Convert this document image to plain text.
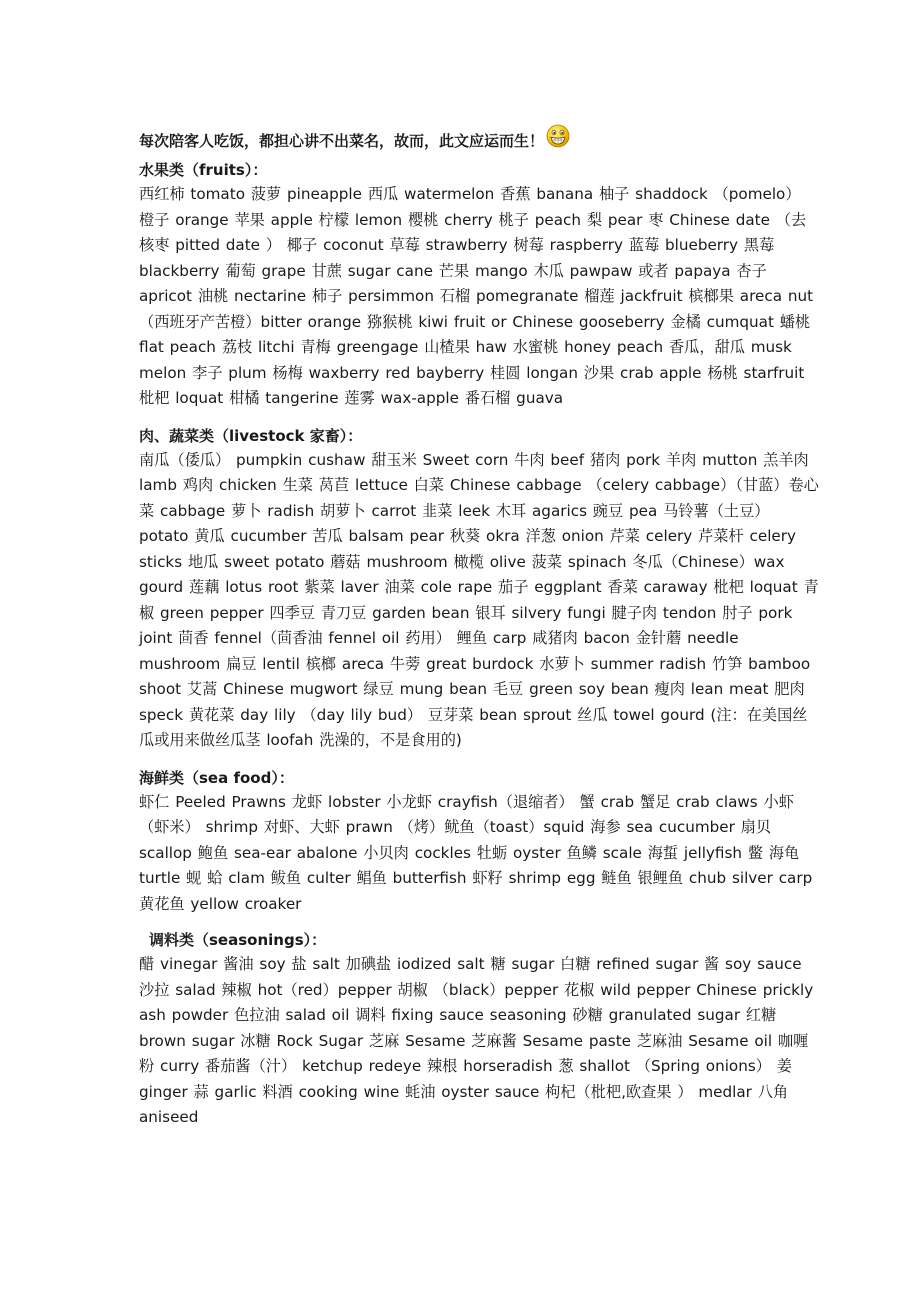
每次陪客人吃饭，都担心讲不出菜名，故而，此文应运而生！

水果类（fruits）：

西红柿 tomato 菠萝 pineapple 西瓜 watermelon 香蕉 banana 柚子 shaddock （pomelo） 橙子 orange 苹果 apple 柠檬 lemon 樱桃 cherry 桃子 peach 梨 pear 枣 Chinese date （去核枣 pitted date ） 椰子 coconut 草莓 strawberry 树莓 raspberry 蓝莓 blueberry 黑莓 blackberry 葡萄 grape 甘蔗 sugar cane 芒果 mango 木瓜 pawpaw 或者 papaya 杏子 apricot 油桃 nectarine 柿子 persimmon 石榴 pomegranate 榴莲 jackfruit 槟榔果 areca nut （西班牙产苦橙）bitter orange 猕猴桃 kiwi fruit or Chinese gooseberry 金橘 cumquat 蟠桃 flat peach 荔枝 litchi 青梅 greengage 山楂果 haw 水蜜桃 honey peach 香瓜，甜瓜 musk melon 李子 plum 杨梅 waxberry red bayberry 桂圆 longan 沙果 crab apple 杨桃 starfruit 枇杷 loquat 柑橘 tangerine 莲雾 wax-apple 番石榴 guava

肉、蔬菜类（livestock 家畜）：

南瓜（倭瓜） pumpkin cushaw 甜玉米 Sweet corn 牛肉 beef 猪肉 pork 羊肉 mutton 羔羊肉 lamb 鸡肉 chicken 生菜 莴苣 lettuce 白菜 Chinese cabbage （celery cabbage）（甘蓝）卷心菜 cabbage 萝卜 radish 胡萝卜 carrot 韭菜 leek 木耳 agarics 豌豆 pea 马铃薯（土豆） potato 黄瓜 cucumber 苦瓜 balsam pear 秋葵 okra 洋葱 onion 芹菜 celery 芹菜杆 celery sticks 地瓜 sweet potato 蘑菇 mushroom 橄榄 olive 菠菜 spinach 冬瓜（Chinese）wax gourd 莲藕 lotus root 紫菜 laver 油菜 cole rape 茄子 eggplant 香菜 caraway 枇杷 loquat 青椒 green pepper 四季豆 青刀豆 garden bean 银耳 silvery fungi 腱子肉 tendon 肘子 pork joint 茴香 fennel（茴香油 fennel oil 药用） 鲤鱼 carp 咸猪肉 bacon 金针蘑 needle mushroom 扁豆 lentil 槟榔 areca 牛蒡 great burdock 水萝卜 summer radish 竹笋 bamboo shoot 艾蒿 Chinese mugwort 绿豆 mung bean 毛豆 green soy bean 瘦肉 lean meat 肥肉 speck 黄花菜 day lily （day lily bud） 豆芽菜 bean sprout 丝瓜 towel gourd (注：在美国丝瓜或用来做丝瓜茎 loofah 洗澡的，不是食用的)

海鲜类（sea food）：

虾仁 Peeled Prawns 龙虾 lobster 小龙虾 crayfish（退缩者） 蟹 crab 蟹足 crab claws 小虾（虾米） shrimp 对虾、大虾 prawn （烤）鱿鱼（toast）squid 海参 sea cucumber 扇贝 scallop 鲍鱼 sea-ear abalone 小贝肉 cockles 牡蛎 oyster 鱼鳞 scale 海蜇 jellyfish 鳖 海龟 turtle 蚬 蛤 clam 鲅鱼 culter 鲳鱼 butterfish 虾籽 shrimp egg 鲢鱼 银鲤鱼 chub silver carp 黄花鱼 yellow croaker

调料类（seasonings）：

醋 vinegar 酱油 soy 盐 salt 加碘盐 iodized salt 糖 sugar 白糖 refined sugar 酱 soy sauce 沙拉 salad 辣椒 hot（red）pepper 胡椒 （black）pepper 花椒 wild pepper Chinese prickly ash powder 色拉油 salad oil 调料 fixing sauce seasoning 砂糖 granulated sugar 红糖 brown sugar 冰糖 Rock Sugar 芝麻 Sesame 芝麻酱 Sesame paste 芝麻油 Sesame oil 咖喱粉 curry 番茄酱（汁） ketchup redeye 辣根 horseradish 葱 shallot （Spring onions） 姜 ginger 蒜 garlic 料酒 cooking wine 蚝油 oyster sauce 枸杞（枇杷,欧查果 ） medlar 八角 aniseed
